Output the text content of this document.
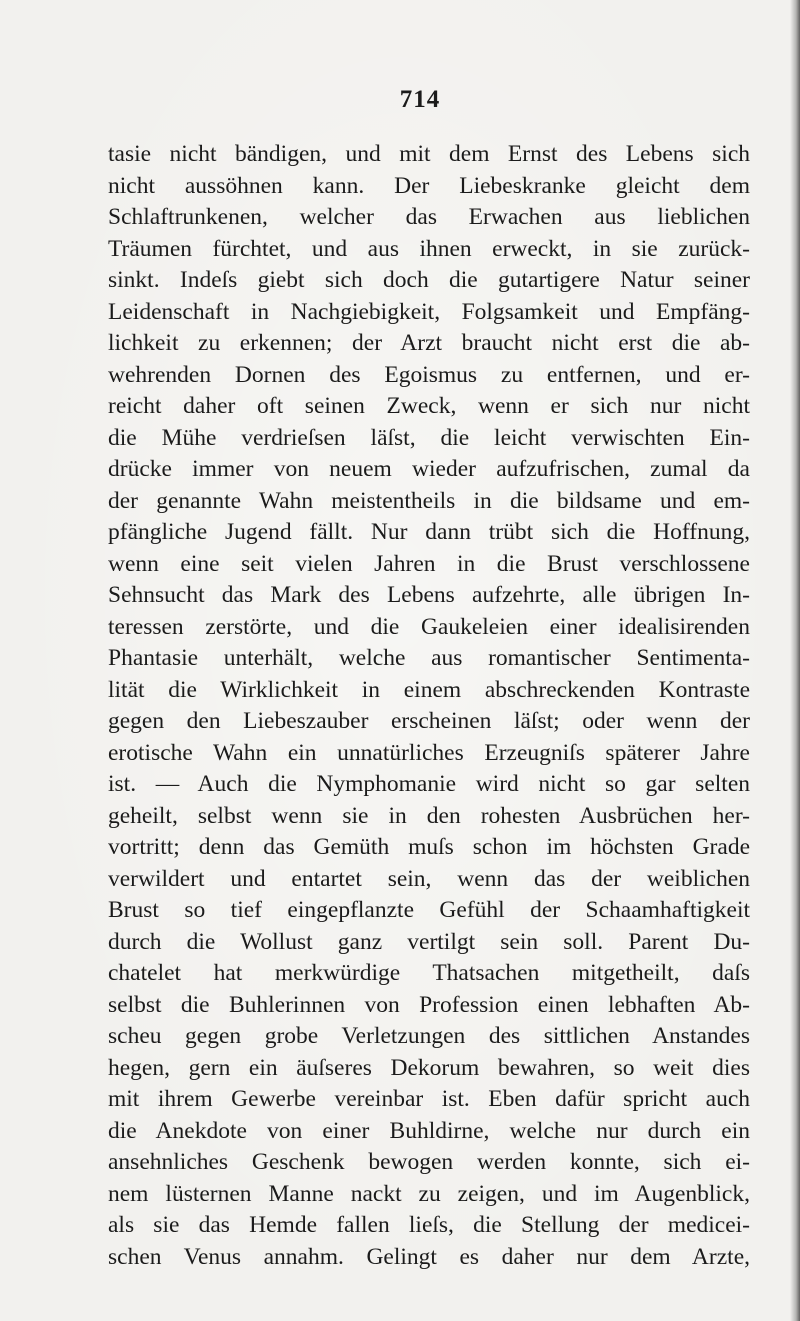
714
tasie nicht bändigen, und mit dem Ernst des Lebens sich
nicht aussöhnen kann. Der Liebeskranke gleicht dem
Schlaftrunkenen, welcher das Erwachen aus lieblichen
Träumen fürchtet, und aus ihnen erweckt, in sie zurück-
sinkt. Indeſs giebt sich doch die gutartigere Natur seiner
Leidenschaft in Nachgiebigkeit, Folgsamkeit und Empfäng-
lichkeit zu erkennen; der Arzt braucht nicht erst die ab-
wehrenden Dornen des Egoismus zu entfernen, und er-
reicht daher oft seinen Zweck, wenn er sich nur nicht
die Mühe verdrieſsen läſst, die leicht verwischten Ein-
drücke immer von neuem wieder aufzufrischen, zumal da
der genannte Wahn meistentheils in die bildsame und em-
pfängliche Jugend fällt. Nur dann trübt sich die Hoffnung,
wenn eine seit vielen Jahren in die Brust verschlossene
Sehnsucht das Mark des Lebens aufzehrte, alle übrigen In-
teressen zerstörte, und die Gaukeleien einer idealisirenden
Phantasie unterhält, welche aus romantischer Sentimenta-
lität die Wirklichkeit in einem abschreckenden Kontraste
gegen den Liebeszauber erscheinen läſst; oder wenn der
erotische Wahn ein unnatürliches Erzeugniſs späterer Jahre
ist. — Auch die Nymphomanie wird nicht so gar selten
geheilt, selbst wenn sie in den rohesten Ausbrüchen her-
vortritt; denn das Gemüth muſs schon im höchsten Grade
verwildert und entartet sein, wenn das der weiblichen
Brust so tief eingepflanzte Gefühl der Schaamhaftigkeit
durch die Wollust ganz vertilgt sein soll. Parent Du-
chatelet hat merkwürdige Thatsachen mitgetheilt, daſs
selbst die Buhlerinnen von Profession einen lebhaften Ab-
scheu gegen grobe Verletzungen des sittlichen Anstandes
hegen, gern ein äuſseres Dekorum bewahren, so weit dies
mit ihrem Gewerbe vereinbar ist. Eben dafür spricht auch
die Anekdote von einer Buhldirne, welche nur durch ein
ansehnliches Geschenk bewogen werden konnte, sich ei-
nem lüsternen Manne nackt zu zeigen, und im Augenblick,
als sie das Hemde fallen lieſs, die Stellung der medicei-
schen Venus annahm. Gelingt es daher nur dem Arzte,
